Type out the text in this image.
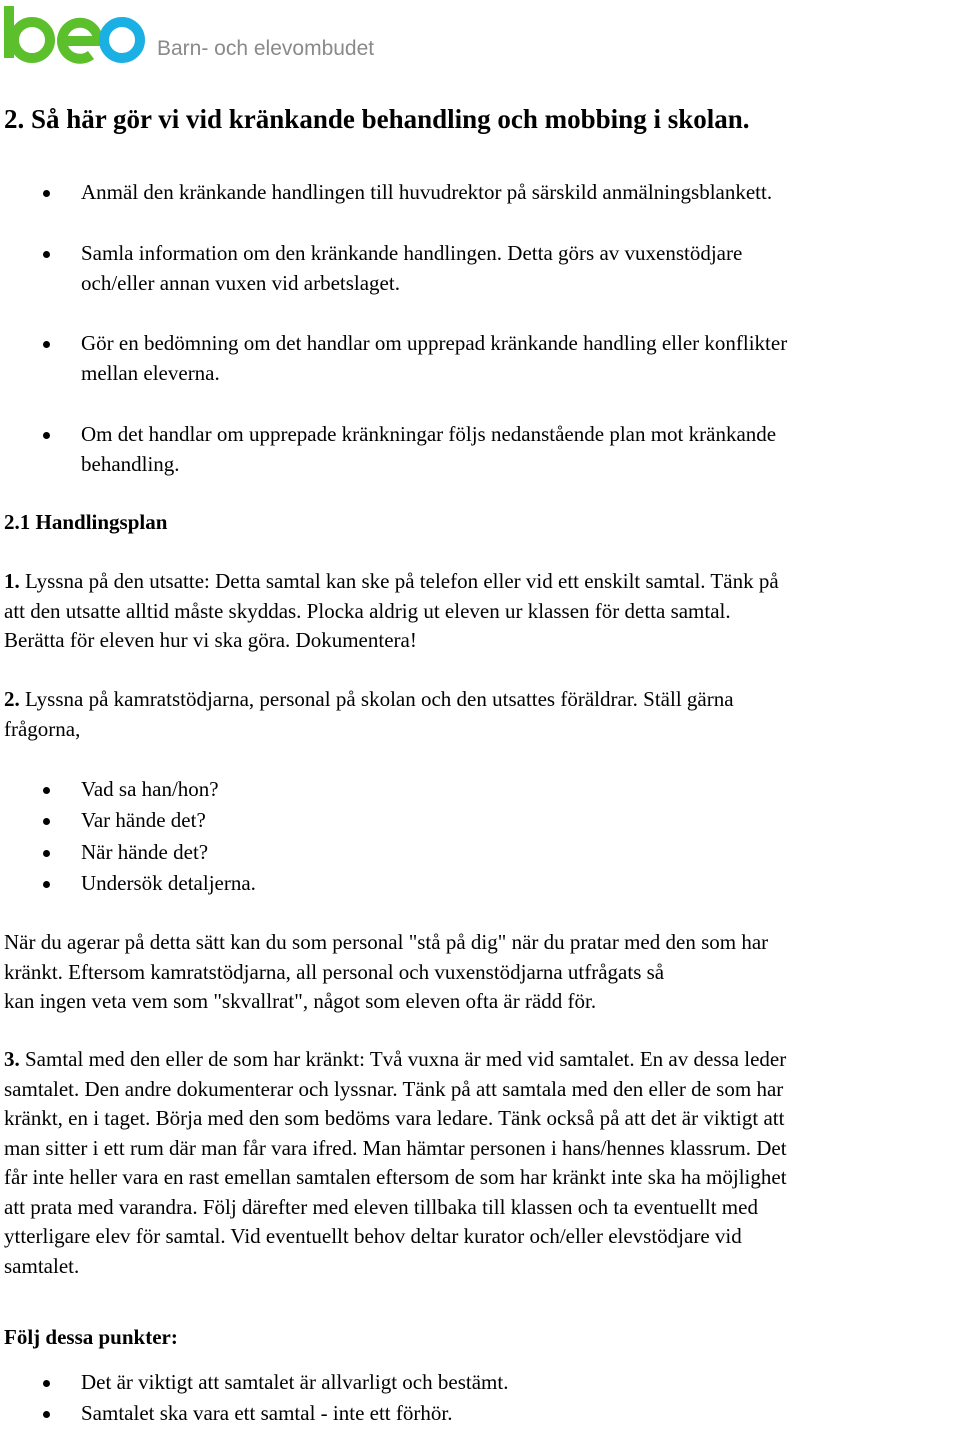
Barn- och elevombudet
2. Så här gör vi vid kränkande behandling och mobbing i skolan.
Anmäl den kränkande handlingen till huvudrektor på särskild anmälningsblankett.
Samla information om den kränkande handlingen. Detta görs av vuxenstödjare
och/eller annan vuxen vid arbetslaget.
Gör en bedömning om det handlar om upprepad kränkande handling eller konflikter
mellan eleverna.
Om det handlar om upprepade kränkningar följs nedanstående plan mot kränkande
behandling.
2.1 Handlingsplan
1. Lyssna på den utsatte: Detta samtal kan ske på telefon eller vid ett enskilt samtal. Tänk på
att den utsatte alltid måste skyddas. Plocka aldrig ut eleven ur klassen för detta samtal.
Berätta för eleven hur vi ska göra. Dokumentera!
2. Lyssna på kamratstödjarna, personal på skolan och den utsattes föräldrar. Ställ gärna
frågorna,
Vad sa han/hon?
Var hände det?
När hände det?
Undersök detaljerna.
När du agerar på detta sätt kan du som personal "stå på dig" när du pratar med den som har
kränkt. Eftersom kamratstödjarna, all personal och vuxenstödjarna utfrågats så
kan ingen veta vem som "skvallrat", något som eleven ofta är rädd för.
3. Samtal med den eller de som har kränkt: Två vuxna är med vid samtalet. En av dessa leder
samtalet. Den andre dokumenterar och lyssnar. Tänk på att samtala med den eller de som har
kränkt, en i taget. Börja med den som bedöms vara ledare. Tänk också på att det är viktigt att
man sitter i ett rum där man får vara ifred. Man hämtar personen i hans/hennes klassrum. Det
får inte heller vara en rast emellan samtalen eftersom de som har kränkt inte ska ha möjlighet
att prata med varandra. Följ därefter med eleven tillbaka till klassen och ta eventuellt med
ytterligare elev för samtal. Vid eventuellt behov deltar kurator och/eller elevstödjare vid
samtalet.
Följ dessa punkter:
Det är viktigt att samtalet är allvarligt och bestämt.
Samtalet ska vara ett samtal - inte ett förhör.
